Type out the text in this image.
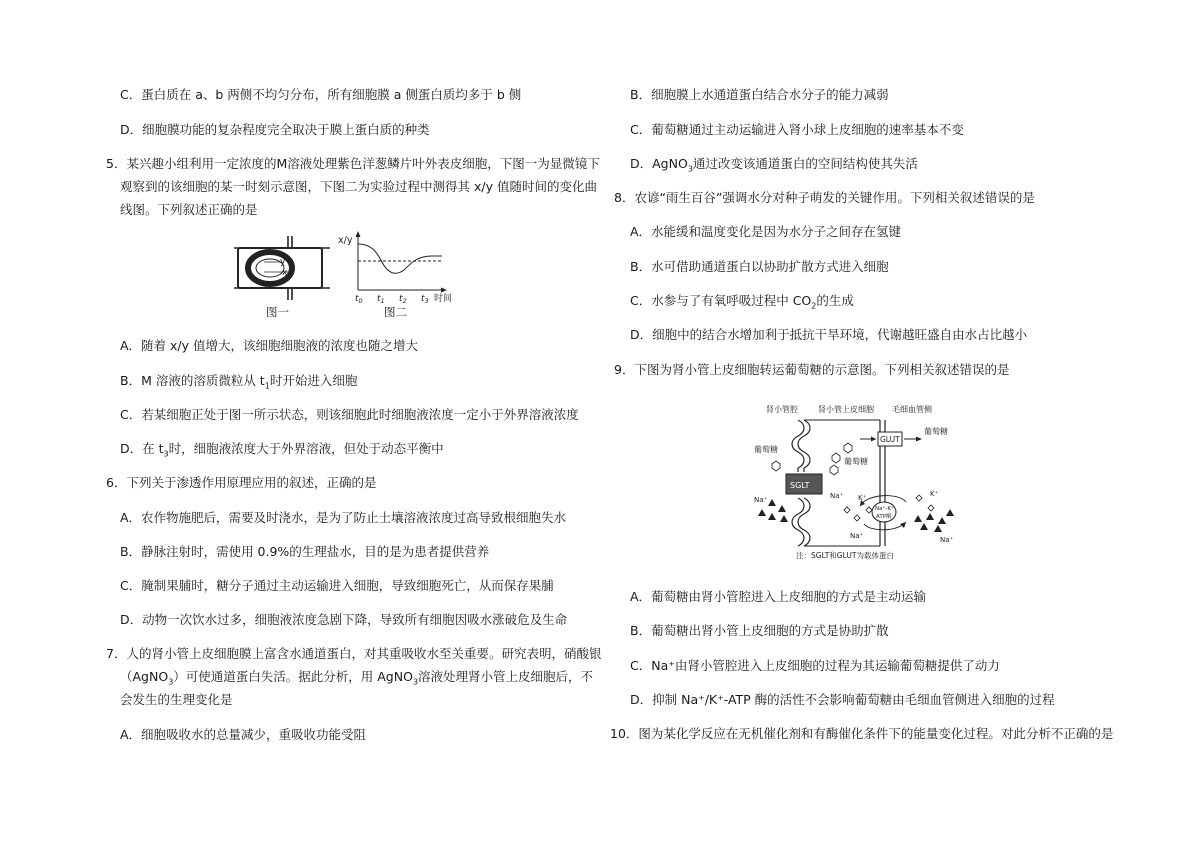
C．蛋白质在 a、b 两侧不均匀分布，所有细胞膜 a 侧蛋白质均多于 b 侧
D．细胞膜功能的复杂程度完全取决于膜上蛋白质的种类
5．某兴趣小组利用一定浓度的M溶液处理紫色洋葱鳞片叶外表皮细胞，下图一为显微镜下
观察到的该细胞的某一时刻示意图，下图二为实验过程中测得其 x/y 值随时间的变化曲
线图。下列叙述正确的是
y
x
图一
x/y
$t_0$ $t_1$ $t_2$ $t_3$ 时间
图二
A．随着 x/y 值增大，该细胞细胞液的浓度也随之增大
B．M 溶液的溶质微粒从 $t_1$时开始进入细胞
C．若某细胞正处于图一所示状态，则该细胞此时细胞液浓度一定小于外界溶液浓度
D．在 $t_3$时，细胞液浓度大于外界溶液，但处于动态平衡中
6．下列关于渗透作用原理应用的叙述，正确的是
A．农作物施肥后，需要及时浇水，是为了防止土壤溶液浓度过高导致根细胞失水
B．静脉注射时，需使用 0.9%的生理盐水，目的是为患者提供营养
C．腌制果脯时，糖分子通过主动运输进入细胞，导致细胞死亡，从而保存果脯
D．动物一次饮水过多，细胞液浓度急剧下降，导致所有细胞因吸水涨破危及生命
7．人的肾小管上皮细胞膜上富含水通道蛋白，对其重吸收水至关重要。研究表明，硝酸银
（AgNO$_3$）可使通道蛋白失活。据此分析，用 AgNO$_3$溶液处理肾小管上皮细胞后，不
会发生的生理变化是
A．细胞吸收水的总量减少，重吸收功能受阻
B．细胞膜上水通道蛋白结合水分子的能力减弱
C．葡萄糖通过主动运输进入肾小球上皮细胞的速率基本不变
D．AgNO$_3$通过改变该通道蛋白的空间结构使其失活
8．农谚“雨生百谷”强调水分对种子萌发的关键作用。下列相关叙述错误的是
A．水能缓和温度变化是因为水分子之间存在氢键
B．水可借助通道蛋白以协助扩散方式进入细胞
C．水参与了有氧呼吸过程中 $CO_2$的生成
D．细胞中的结合水增加利于抵抗干旱环境，代谢越旺盛自由水占比越小
9．下图为肾小管上皮细胞转运葡萄糖的示意图。下列相关叙述错误的是
肾小管腔	肾小管上皮细胞 毛细血管侧
SGLT
GLUT
葡萄糖
葡萄糖
葡萄糖
Na⁺	Na⁺
Na⁺
Na⁺-K⁺
ATP酶
K⁺	K⁺
Na⁺
注：SGLT和GLUT为载体蛋白
A．葡萄糖由肾小管腔进入上皮细胞的方式是主动运输
B．葡萄糖出肾小管上皮细胞的方式是协助扩散
C．Na⁺由肾小管腔进入上皮细胞的过程为其运输葡萄糖提供了动力
D．抑制 Na⁺/K⁺-ATP 酶的活性不会影响葡萄糖由毛细血管侧进入细胞的过程
10．图为某化学反应在无机催化剂和有酶催化条件下的能量变化过程。对此分析不正确的是
